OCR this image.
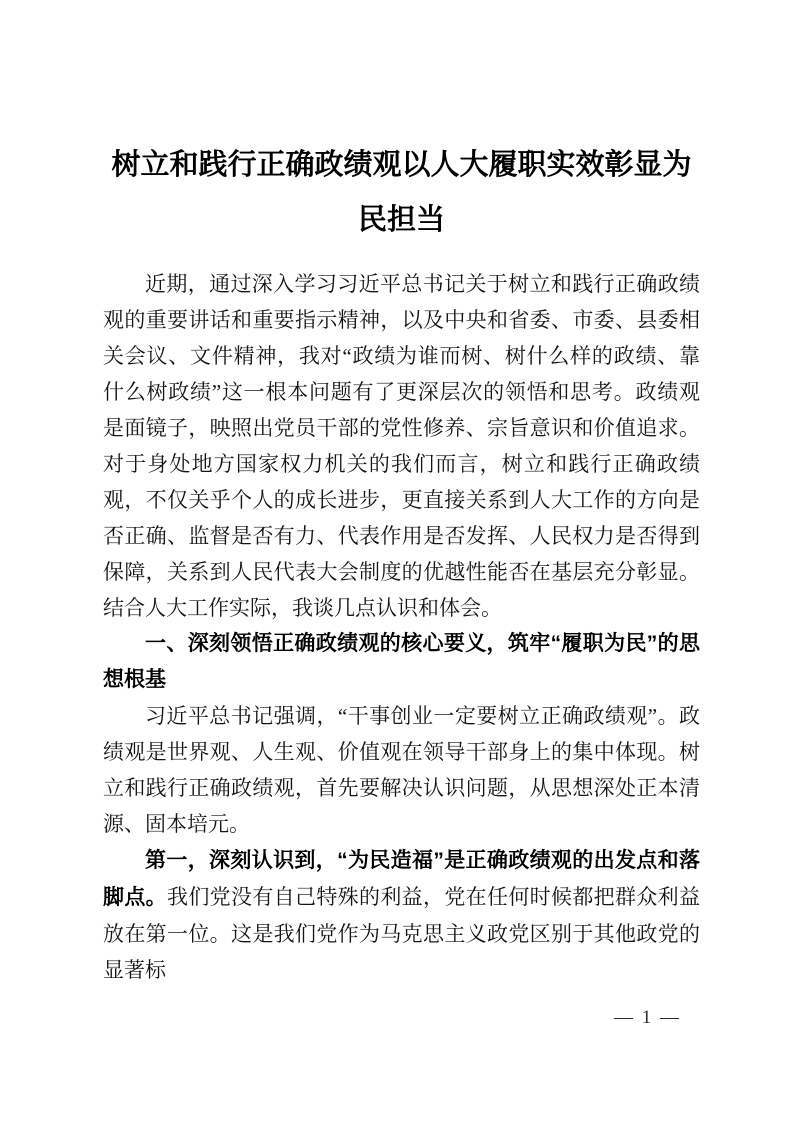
树立和践行正确政绩观以人大履职实效彰显为民担当

近期，通过深入学习习近平总书记关于树立和践行正确政绩观的重要讲话和重要指示精神，以及中央和省委、市委、县委相关会议、文件精神，我对“政绩为谁而树、树什么样的政绩、靠什么树政绩”这一根本问题有了更深层次的领悟和思考。政绩观是面镜子，映照出党员干部的党性修养、宗旨意识和价值追求。对于身处地方国家权力机关的我们而言，树立和践行正确政绩观，不仅关乎个人的成长进步，更直接关系到人大工作的方向是否正确、监督是否有力、代表作用是否发挥、人民权力是否得到保障，关系到人民代表大会制度的优越性能否在基层充分彰显。结合人大工作实际，我谈几点认识和体会。

一、深刻领悟正确政绩观的核心要义，筑牢“履职为民”的思想根基

习近平总书记强调，“干事创业一定要树立正确政绩观”。政绩观是世界观、人生观、价值观在领导干部身上的集中体现。树立和践行正确政绩观，首先要解决认识问题，从思想深处正本清源、固本培元。

第一，深刻认识到，“为民造福”是正确政绩观的出发点和落脚点。我们党没有自己特殊的利益，党在任何时候都把群众利益放在第一位。这是我们党作为马克思主义政党区别于其他政党的显著标

— 1 —
